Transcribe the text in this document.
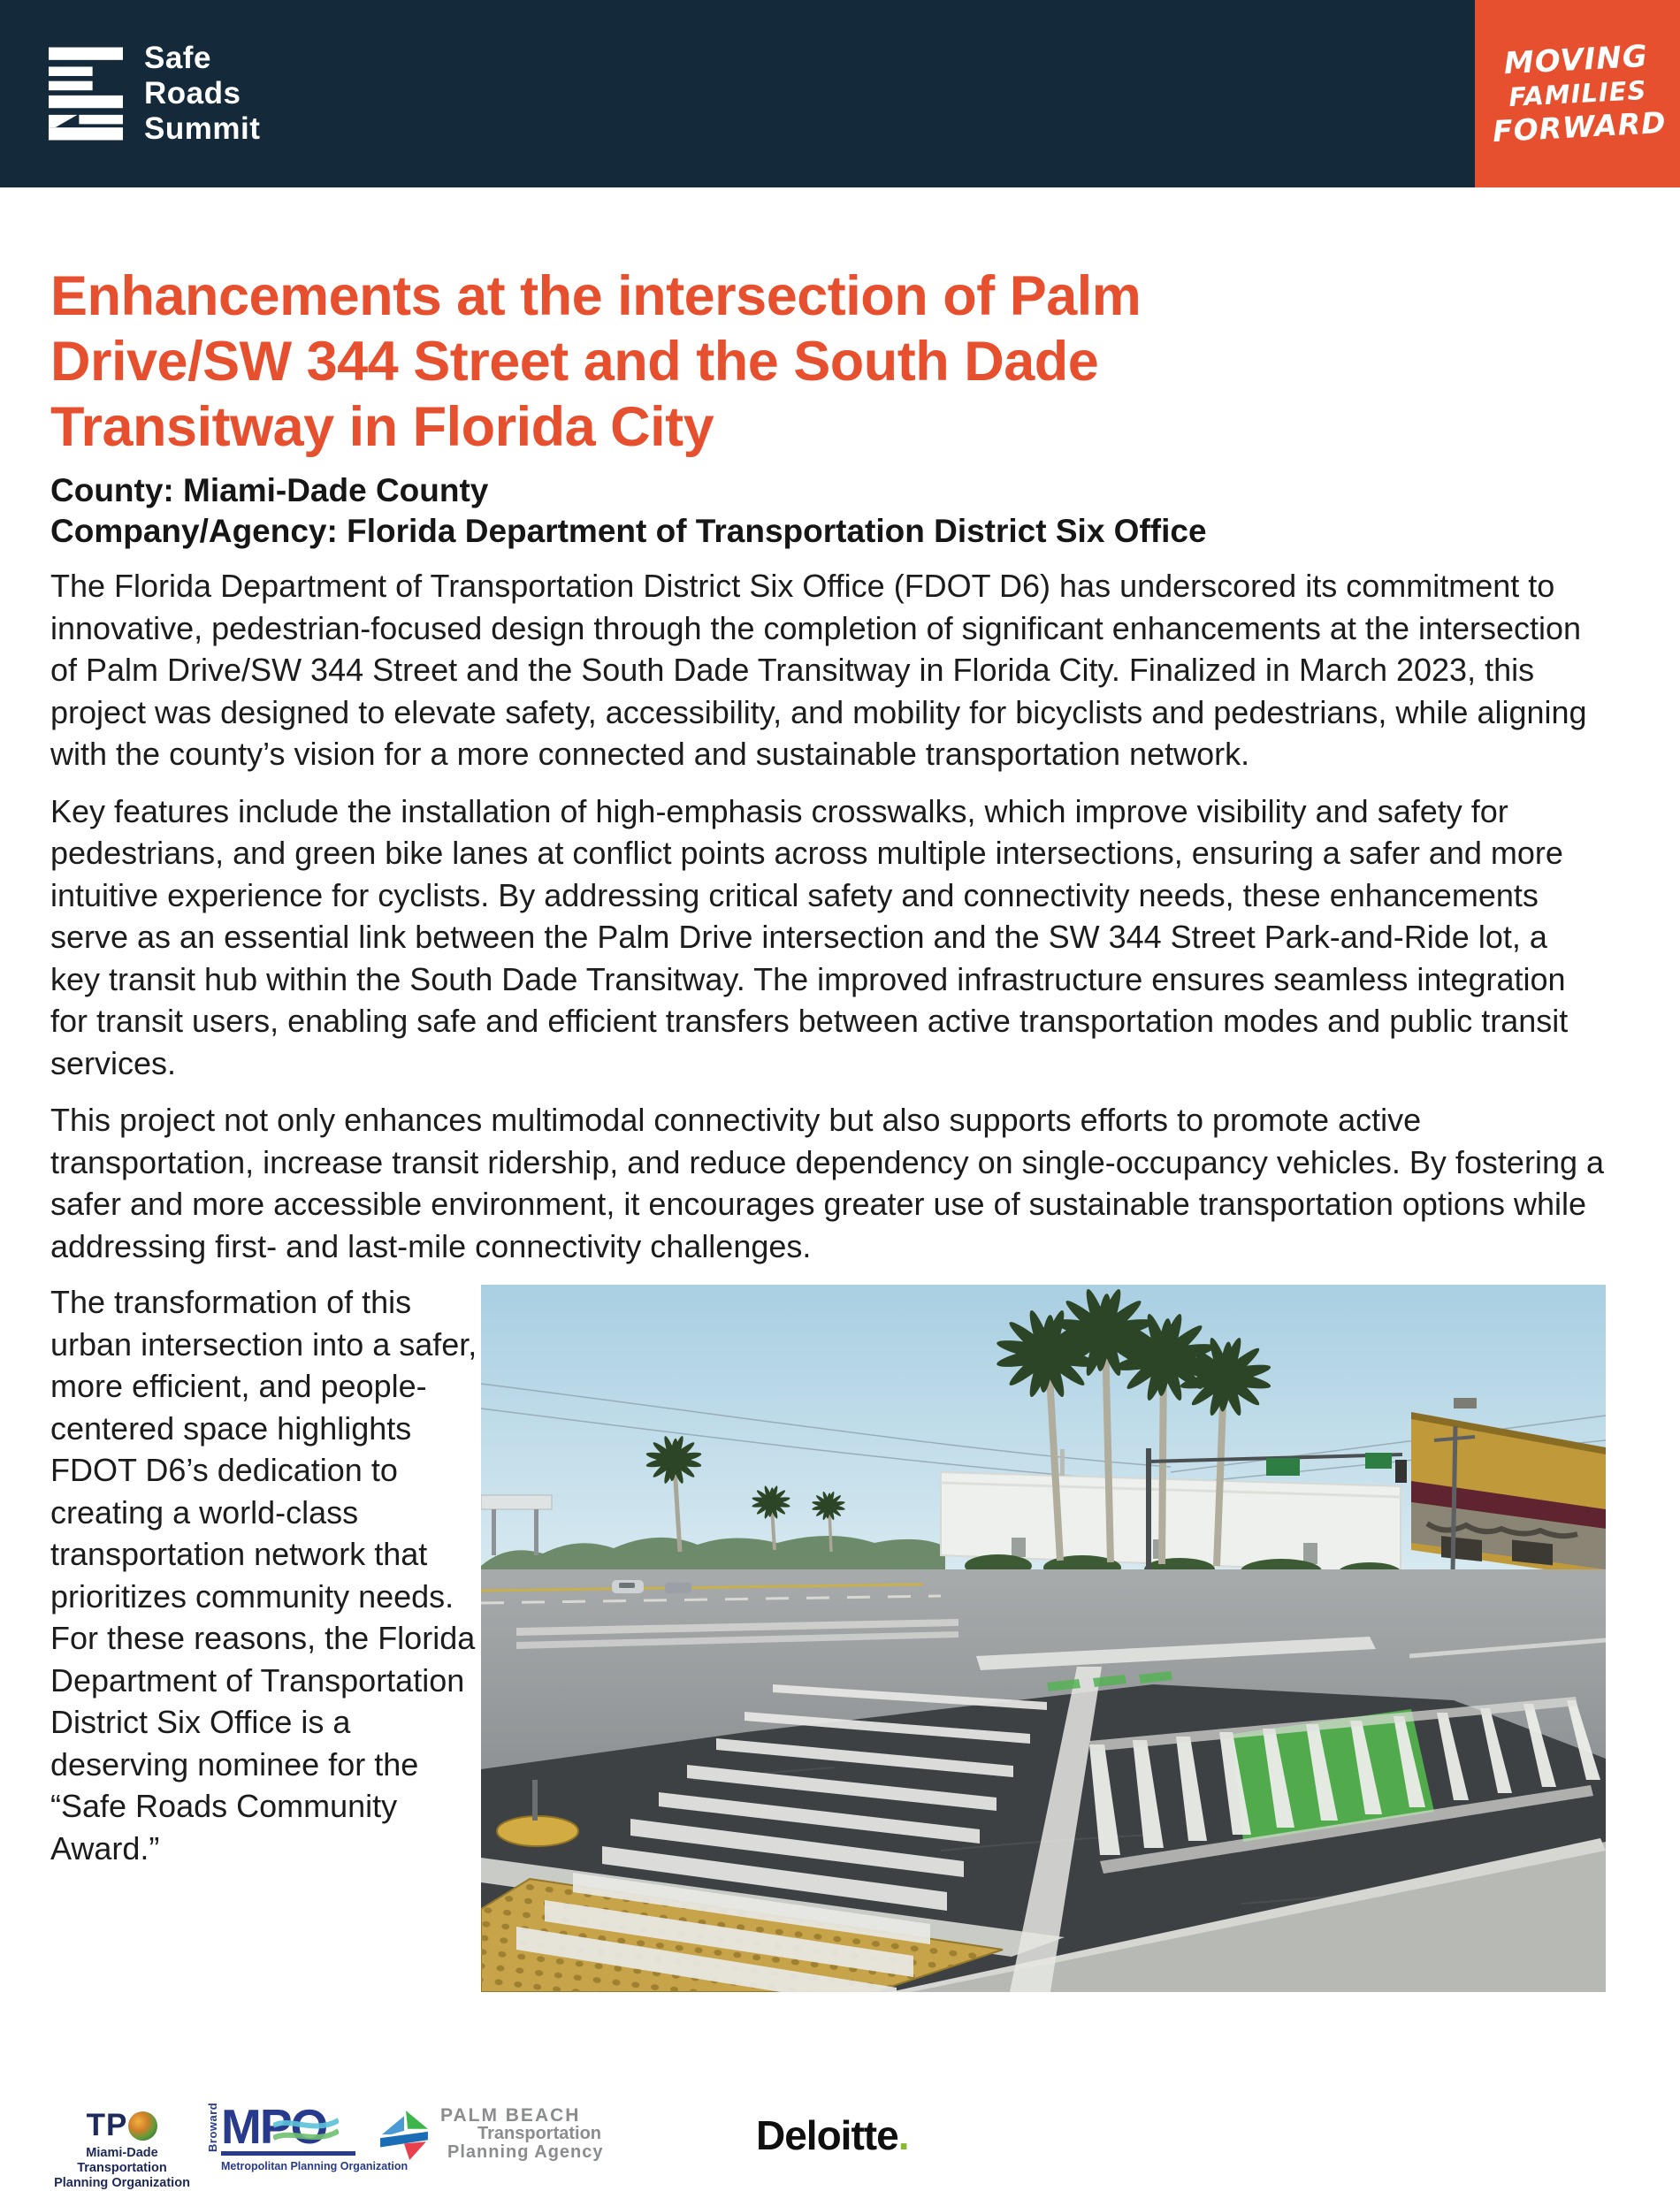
Safe
Roads
Summit
MOVING
FAMILIES
FORWARD
Enhancements at the intersection of Palm
Drive/SW 344 Street and the South Dade
Transitway in Florida City
County: Miami-Dade County
Company/Agency: Florida Department of Transportation District Six Office

The Florida Department of Transportation District Six Office (FDOT D6) has underscored its commitment to innovative, pedestrian-focused design through the completion of significant enhancements at the intersection of Palm Drive/SW 344 Street and the South Dade Transitway in Florida City. Finalized in March 2023, this project was designed to elevate safety, accessibility, and mobility for bicyclists and pedestrians, while aligning with the county’s vision for a more connected and sustainable transportation network.

Key features include the installation of high-emphasis crosswalks, which improve visibility and safety for pedestrians, and green bike lanes at conflict points across multiple intersections, ensuring a safer and more intuitive experience for cyclists. By addressing critical safety and connectivity needs, these enhancements serve as an essential link between the Palm Drive intersection and the SW 344 Street Park-and-Ride lot, a key transit hub within the South Dade Transitway. The improved infrastructure ensures seamless integration for transit users, enabling safe and efficient transfers between active transportation modes and public transit services.

This project not only enhances multimodal connectivity but also supports efforts to promote active transportation, increase transit ridership, and reduce dependency on single-occupancy vehicles. By fostering a safer and more accessible environment, it encourages greater use of sustainable transportation options while addressing first- and last-mile connectivity challenges.

The transformation of this urban intersection into a safer, more efficient, and people-centered space highlights FDOT D6’s dedication to creating a world-class transportation network that prioritizes community needs. For these reasons, the Florida Department of Transportation District Six Office is a deserving nominee for the “Safe Roads Community Award.”
TP
Miami-Dade Transportation
Planning Organization
Broward MPO
Metropolitan Planning Organization
PALM BEACH
Transportation
Planning Agency	Deloitte.
